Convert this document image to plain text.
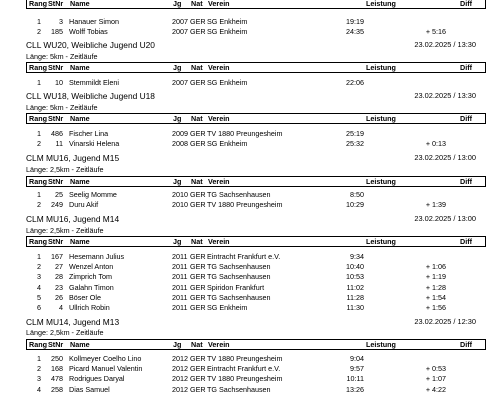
Rang StNr Name	Jg Nat Verein	Leistung	Diff
1	3 Hanauer Simon	2007 GER SG Enkheim	19:19
2	185 Wolff Tobias	2007 GER SG Enkheim	24:35	+ 5:16
CLL WU20, Weibliche Jugend U20	23.02.2025 / 13:30
Länge: 5km - Zeitläufe
Rang StNr Name	Jg Nat Verein	Leistung	Diff
1	10 Stemmildt Eleni	2007 GER SG Enkheim	22:06
CLL WU18, Weibliche Jugend U18	23.02.2025 / 13:30
Länge: 5km - Zeitläufe
Rang StNr Name	Jg Nat Verein	Leistung	Diff
1	486 Fischer Lina	2009 GER TV 1880 Preungesheim	25:19
2	11 Vinarski Helena	2008 GER SG Enkheim	25:32	+ 0:13
CLM MU16, Jugend M15	23.02.2025 / 13:00
Länge: 2,5km - Zeitläufe
Rang StNr Name	Jg Nat Verein	Leistung	Diff
1	25 Seelig Momme	2010 GER TG Sachsenhausen	8:50
2	249 Duru Akif	2010 GER TV 1880 Preungesheim	10:29	+ 1:39
CLM MU16, Jugend M14	23.02.2025 / 13:00
Länge: 2,5km - Zeitläufe
Rang StNr Name	Jg Nat Verein	Leistung	Diff
1	167 Hesemann Julius	2011 GER Eintracht Frankfurt e.V.	9:34
2	27 Wenzel Anton	2011 GER TG Sachsenhausen	10:40	+ 1:06
3	28 Zimprich Tom	2011 GER TG Sachsenhausen	10:53	+ 1:19
4	23 Galahn Timon	2011 GER Spiridon Frankfurt	11:02	+ 1:28
5	26 Böser Ole	2011 GER TG Sachsenhausen	11:28	+ 1:54
6	4 Ullrich Robin	2011 GER SG Enkheim	11:30	+ 1:56
CLM MU14, Jugend M13	23.02.2025 / 12:30
Länge: 2,5km - Zeitläufe
Rang StNr Name	Jg Nat Verein	Leistung	Diff
1	250 Kollmeyer Coelho Lino	2012 GER TV 1880 Preungesheim	9:04
2	168 Picard Manuel Valentin	2012 GER Eintracht Frankfurt e.V.	9:57	+ 0:53
3	478 Rodrigues Daryal	2012 GER TV 1880 Preungesheim	10:11	+ 1:07
4	258 Dias Samuel	2012 GER TG Sachsenhausen	13:26	+ 4:22
